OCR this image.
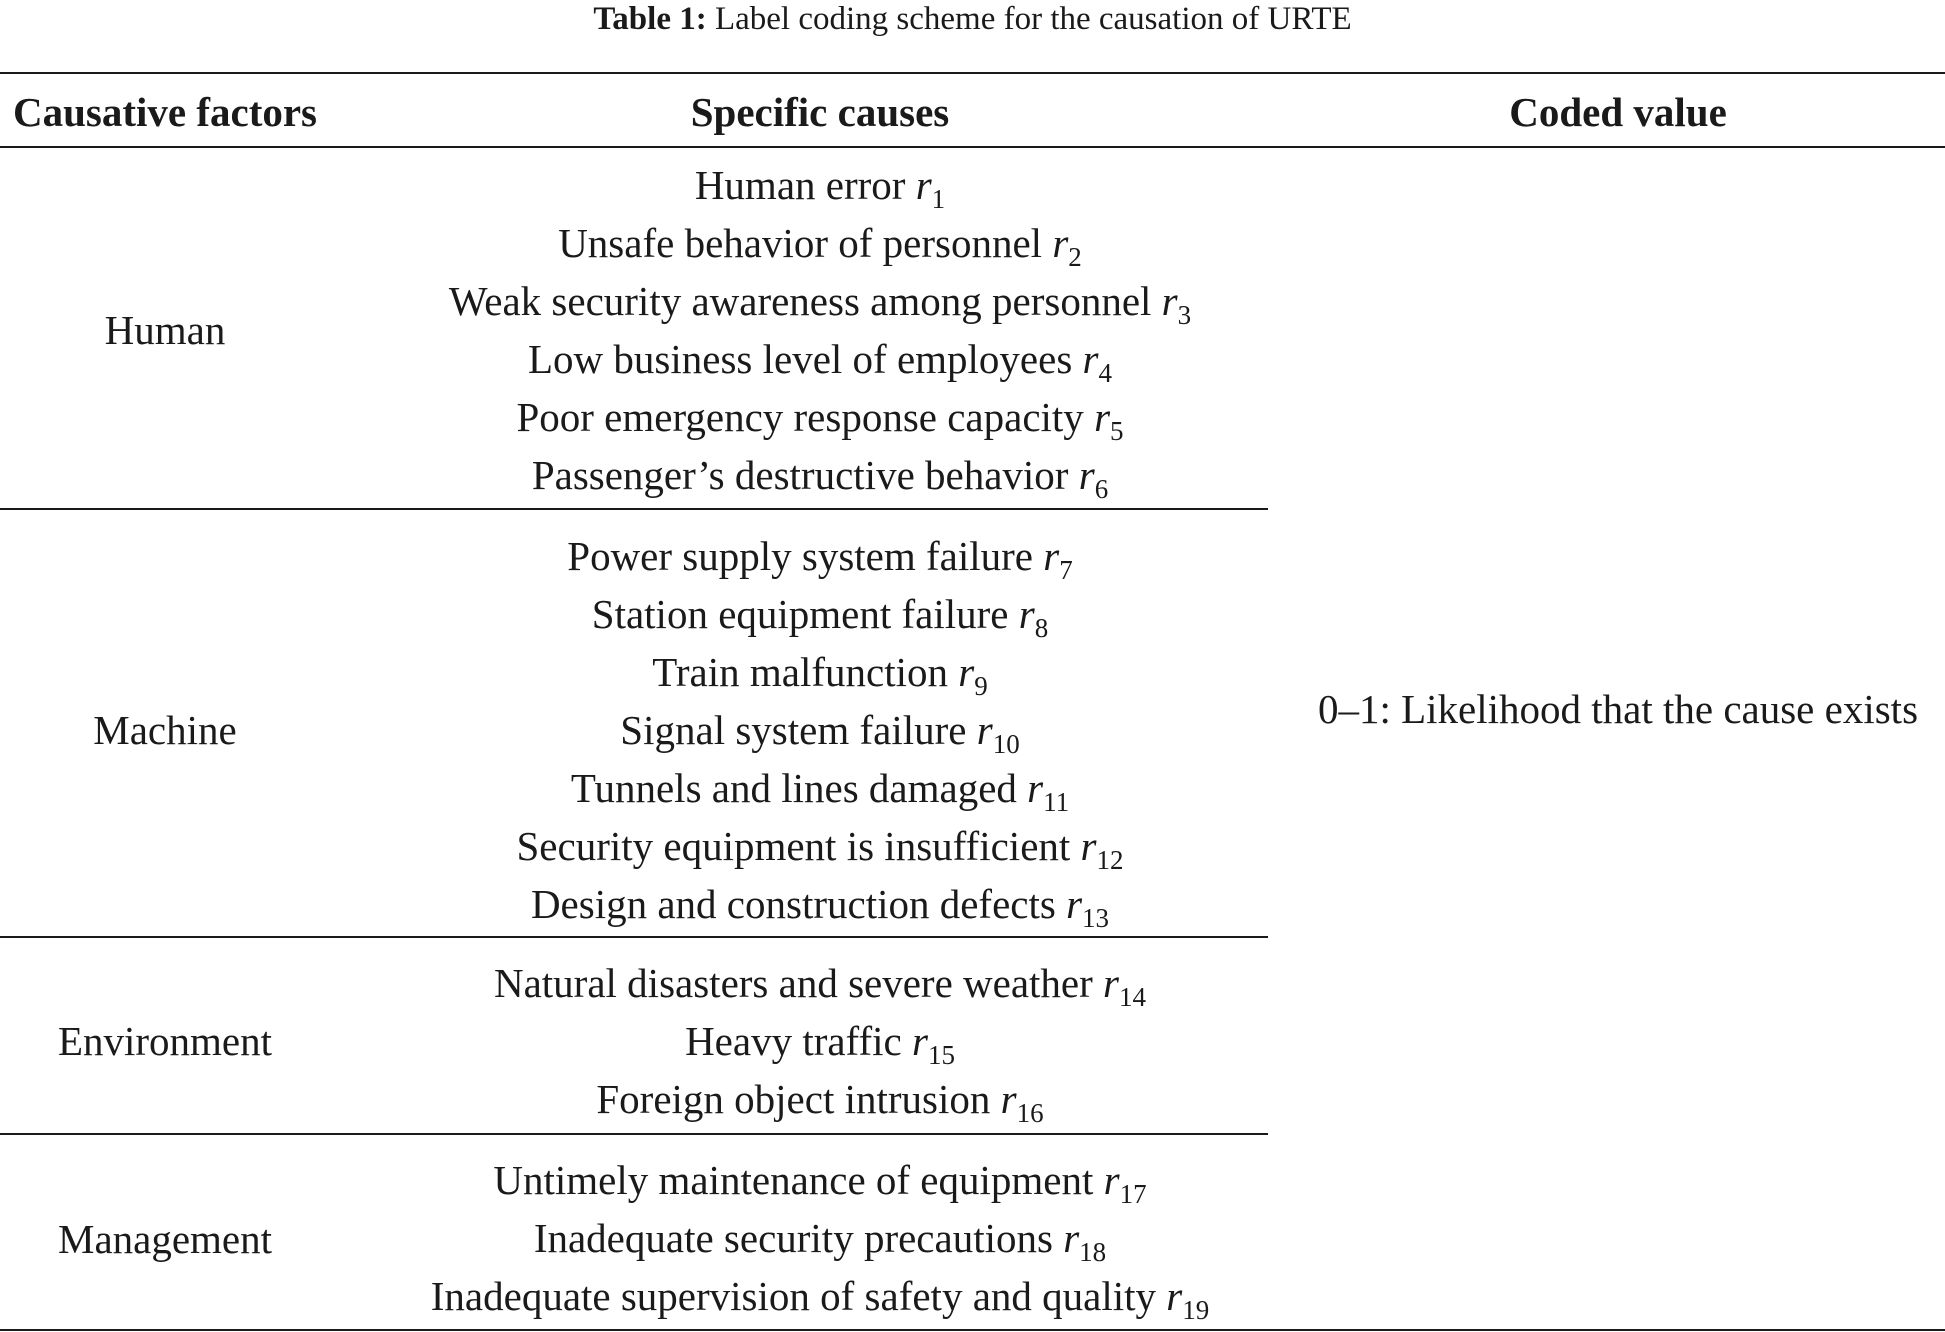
Table 1: Label coding scheme for the causation of URTE
Causative factors	Specific causes	Coded value
Human
Machine
Environment
Management
0–1: Likelihood that the cause exists
Human error $r_1$
Unsafe behavior of personnel $r_2$
Weak security awareness among personnel $r_3$
Low business level of employees $r_4$
Poor emergency response capacity $r_5$
Passenger’s destructive behavior $r_6$
Power supply system failure $r_7$
Station equipment failure $r_8$
Train malfunction $r_9$
Signal system failure $r_{10}$
Tunnels and lines damaged $r_{11}$
Security equipment is insufficient $r_{12}$
Design and construction defects $r_{13}$
Natural disasters and severe weather $r_{14}$
Heavy traffic $r_{15}$
Foreign object intrusion $r_{16}$
Untimely maintenance of equipment $r_{17}$
Inadequate security precautions $r_{18}$
Inadequate supervision of safety and quality $r_{19}$
